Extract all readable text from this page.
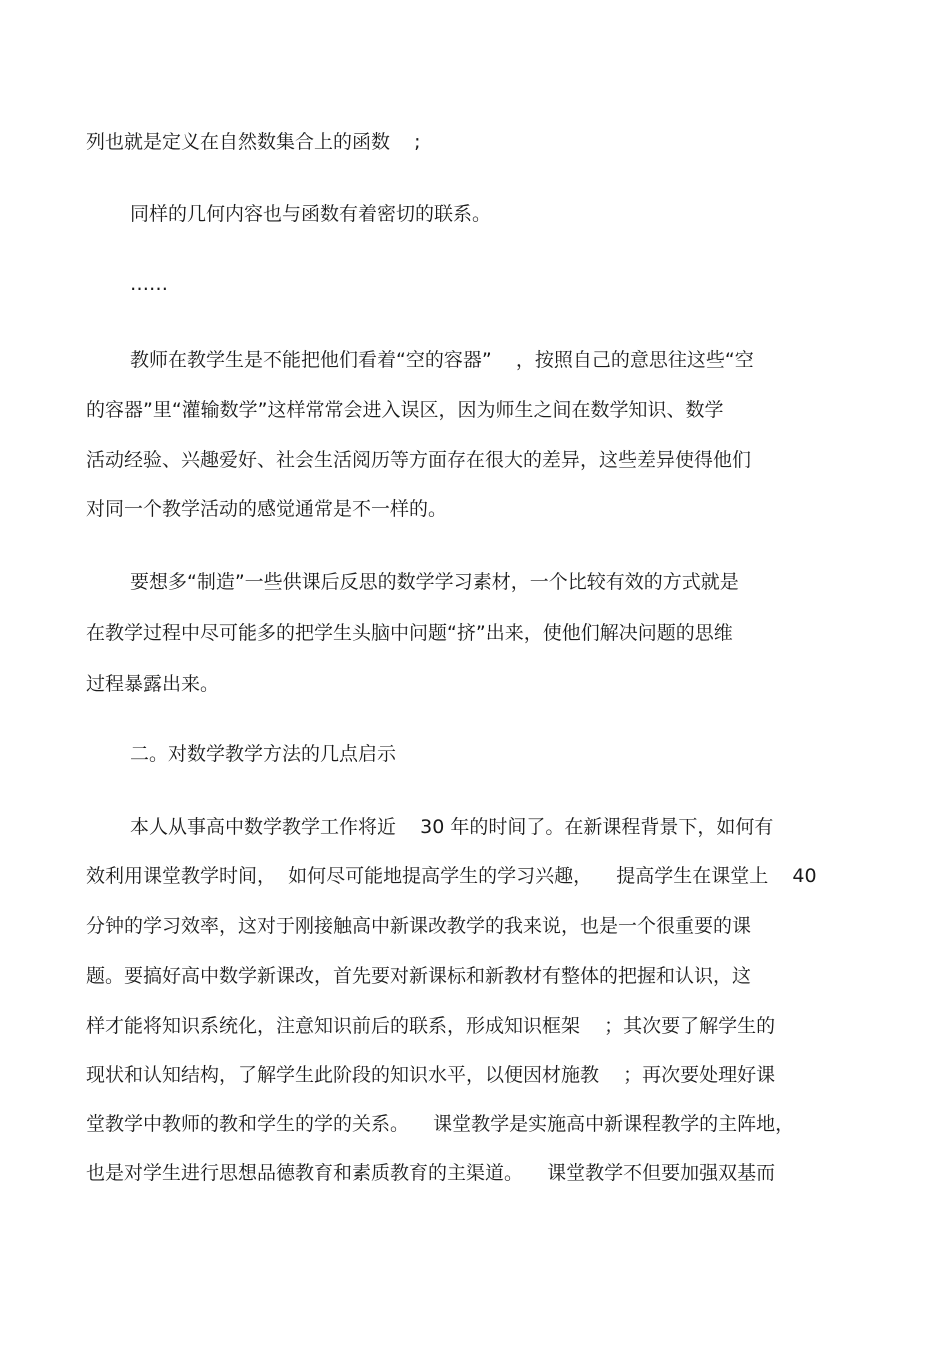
列也就是定义在自然数集合上的函数    ;

同样的几何内容也与函数有着密切的联系。

……

教师在教学生是不能把他们看着“空的容器”    ，按照自己的意思往这些“空

的容器”里“灌输数学”这样常常会进入误区，因为师生之间在数学知识、数学

活动经验、兴趣爱好、社会生活阅历等方面存在很大的差异，这些差异使得他们

对同一个教学活动的感觉通常是不一样的。

要想多“制造”一些供课后反思的数学学习素材，一个比较有效的方式就是

在教学过程中尽可能多的把学生头脑中问题“挤”出来，使他们解决问题的思维

过程暴露出来。

二。对数学教学方法的几点启示

本人从事高中数学教学工作将近    30 年的时间了。在新课程背景下，如何有

效利用课堂教学时间，  如何尽可能地提高学生的学习兴趣，    提高学生在课堂上    40

分钟的学习效率，这对于刚接触高中新课改教学的我来说，也是一个很重要的课

题。要搞好高中数学新课改，首先要对新课标和新教材有整体的把握和认识，这

样才能将知识系统化，注意知识前后的联系，形成知识框架    ；其次要了解学生的

现状和认知结构，了解学生此阶段的知识水平，以便因材施教    ；再次要处理好课

堂教学中教师的教和学生的学的关系。    课堂教学是实施高中新课程教学的主阵地，

也是对学生进行思想品德教育和素质教育的主渠道。    课堂教学不但要加强双基而
